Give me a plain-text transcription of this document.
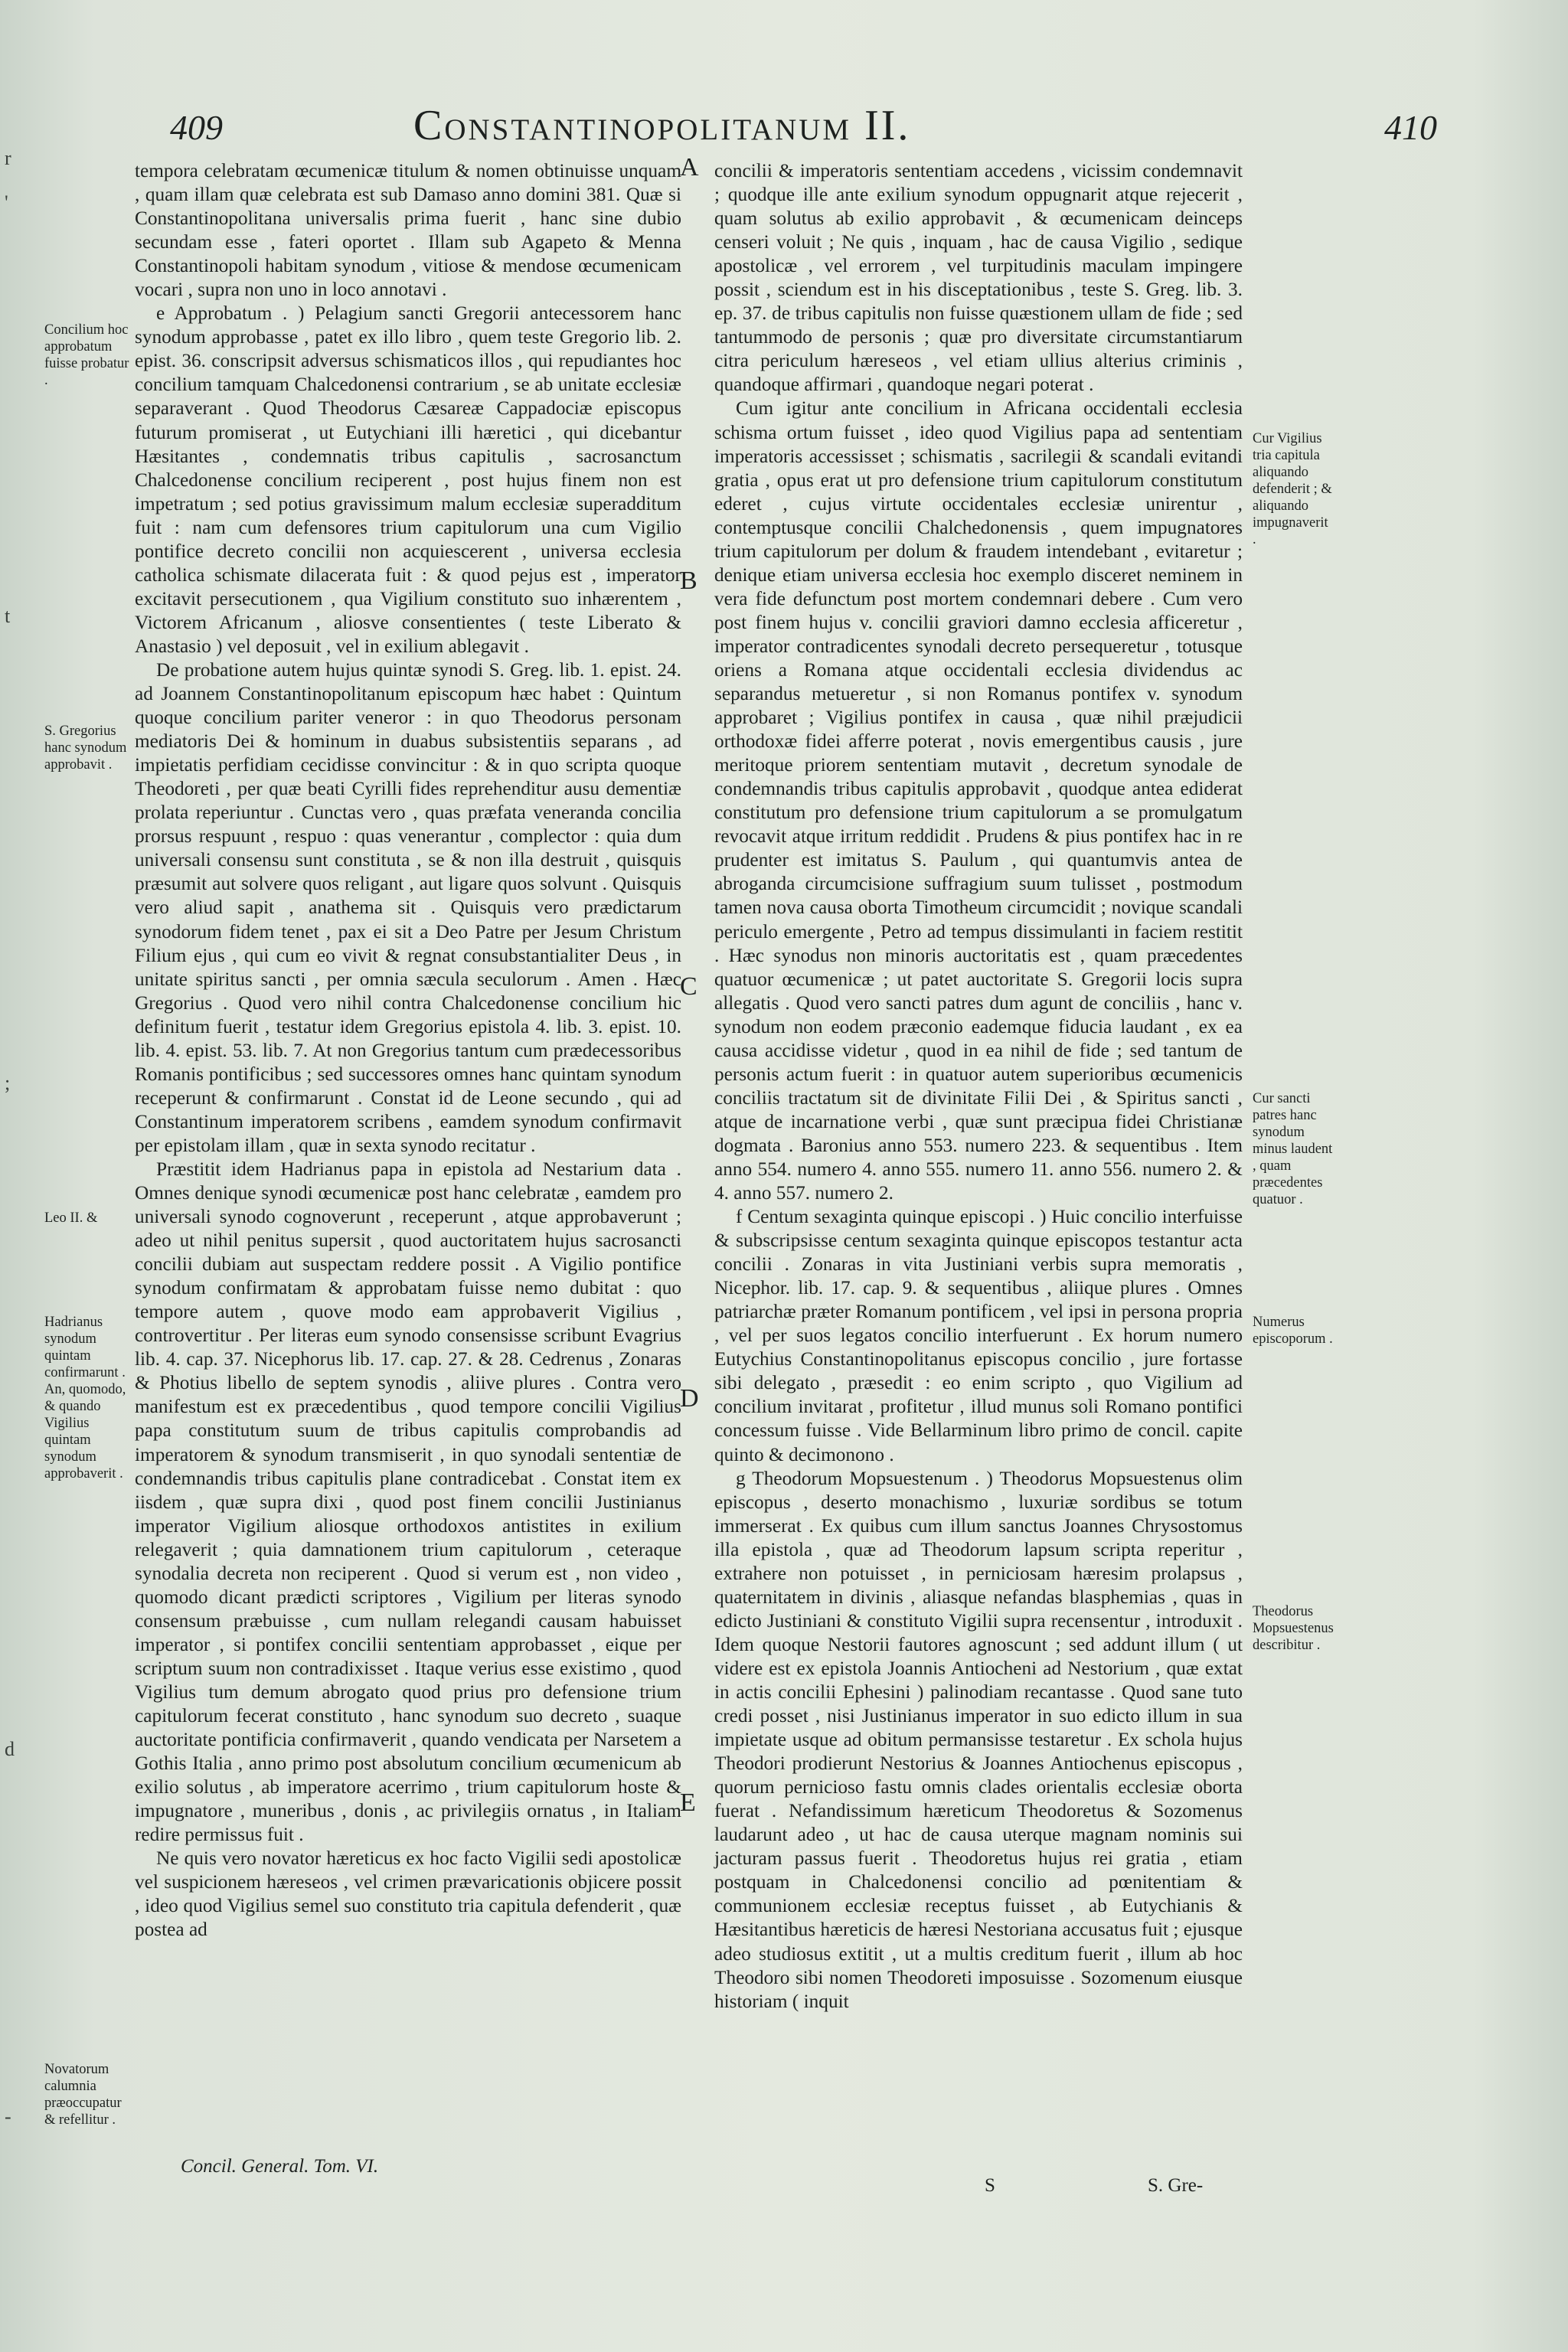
r
'
t
;
d
-
409	Constantinopolitanum II.	410
Concilium hoc approbatum fuisse probatur .
S. Gregorius hanc synodum approbavit .
Leo II. &
Hadrianus synodum quintam confirmarunt . An, quomodo, & quando Vigilius quintam synodum approbaverit .
Novatorum calumnia præoccupatur & refellitur .
A
B
C
D
E

tempora celebratam œcumenicæ titulum & nomen obtinuisse unquam , quam illam quæ celebrata est sub Damaso anno domini 381. Quæ si Constantinopolitana universalis prima fuerit , hanc sine dubio secundam esse , fateri oportet . Illam sub Agapeto & Menna Constantinopoli habitam synodum , vitiose & mendose œcumenicam vocari , supra non uno in loco annotavi .

e Approbatum . ) Pelagium sancti Gregorii antecessorem hanc synodum approbasse , patet ex illo libro , quem teste Gregorio lib. 2. epist. 36. conscripsit adversus schismaticos illos , qui repudiantes hoc concilium tamquam Chalcedonensi contrarium , se ab unitate ecclesiæ separaverant . Quod Theodorus Cæsareæ Cappadociæ episcopus futurum promiserat , ut Eutychiani illi hæretici , qui dicebantur Hæsitantes , condemnatis tribus capitulis , sacrosanctum Chalcedonense concilium reciperent , post hujus finem non est impetratum ; sed potius gravissimum malum ecclesiæ superadditum fuit : nam cum defensores trium capitulorum una cum Vigilio pontifice decreto concilii non acquiescerent , universa ecclesia catholica schismate dilacerata fuit : & quod pejus est , imperator excitavit persecutionem , qua Vigilium constituto suo inhærentem , Victorem Africanum , aliosve consentientes ( teste Liberato & Anastasio ) vel deposuit , vel in exilium ablegavit .

De probatione autem hujus quintæ synodi S. Greg. lib. 1. epist. 24. ad Joannem Constantinopolitanum episcopum hæc habet : Quintum quoque concilium pariter veneror : in quo Theodorus personam mediatoris Dei & hominum in duabus subsistentiis separans , ad impietatis perfidiam cecidisse convincitur : & in quo scripta quoque Theodoreti , per quæ beati Cyrilli fides reprehenditur ausu dementiæ prolata reperiuntur . Cunctas vero , quas præfata veneranda concilia prorsus respuunt , respuo : quas venerantur , complector : quia dum universali consensu sunt constituta , se & non illa destruit , quisquis præsumit aut solvere quos religant , aut ligare quos solvunt . Quisquis vero aliud sapit , anathema sit . Quisquis vero prædictarum synodorum fidem tenet , pax ei sit a Deo Patre per Jesum Christum Filium ejus , qui cum eo vivit & regnat consubstantialiter Deus , in unitate spiritus sancti , per omnia sæcula seculorum . Amen . Hæc Gregorius . Quod vero nihil contra Chalcedonense concilium hic definitum fuerit , testatur idem Gregorius epistola 4. lib. 3. epist. 10. lib. 4. epist. 53. lib. 7. At non Gregorius tantum cum prædecessoribus Romanis pontificibus ; sed successores omnes hanc quintam synodum receperunt & confirmarunt . Constat id de Leone secundo , qui ad Constantinum imperatorem scribens , eamdem synodum confirmavit per epistolam illam , quæ in sexta synodo recitatur .

Præstitit idem Hadrianus papa in epistola ad Nestarium data . Omnes denique synodi œcumenicæ post hanc celebratæ , eamdem pro universali synodo cognoverunt , receperunt , atque approbaverunt ; adeo ut nihil penitus supersit , quod auctoritatem hujus sacrosancti concilii dubiam aut suspectam reddere possit . A Vigilio pontifice synodum confirmatam & approbatam fuisse nemo dubitat : quo tempore autem , quove modo eam approbaverit Vigilius , controvertitur . Per literas eum synodo consensisse scribunt Evagrius lib. 4. cap. 37. Nicephorus lib. 17. cap. 27. & 28. Cedrenus , Zonaras & Photius libello de septem synodis , aliive plures . Contra vero manifestum est ex præcedentibus , quod tempore concilii Vigilius papa constitutum suum de tribus capitulis comprobandis ad imperatorem & synodum transmiserit , in quo synodali sententiæ de condemnandis tribus capitulis plane contradicebat . Constat item ex iisdem , quæ supra dixi , quod post finem concilii Justinianus imperator Vigilium aliosque orthodoxos antistites in exilium relegaverit ; quia damnationem trium capitulorum , ceteraque synodalia decreta non reciperent . Quod si verum est , non video , quomodo dicant prædicti scriptores , Vigilium per literas synodo consensum præbuisse , cum nullam relegandi causam habuisset imperator , si pontifex concilii sententiam approbasset , eique per scriptum suum non contradixisset . Itaque verius esse existimo , quod Vigilius tum demum abrogato quod prius pro defensione trium capitulorum fecerat constituto , hanc synodum suo decreto , suaque auctoritate pontificia confirmaverit , quando vendicata per Narsetem a Gothis Italia , anno primo post absolutum concilium œcumenicum ab exilio solutus , ab imperatore acerrimo , trium capitulorum hoste & impugnatore , muneribus , donis , ac privilegiis ornatus , in Italiam redire permissus fuit .

Ne quis vero novator hæreticus ex hoc facto Vigilii sedi apostolicæ vel suspicionem hæreseos , vel crimen prævaricationis objicere possit , ideo quod Vigilius semel suo constituto tria capitula defenderit , quæ postea ad

concilii & imperatoris sententiam accedens , vicissim condemnavit ; quodque ille ante exilium synodum oppugnarit atque rejecerit , quam solutus ab exilio approbavit , & œcumenicam deinceps censeri voluit ; Ne quis , inquam , hac de causa Vigilio , sedique apostolicæ , vel errorem , vel turpitudinis maculam impingere possit , sciendum est in his disceptationibus , teste S. Greg. lib. 3. ep. 37. de tribus capitulis non fuisse quæstionem ullam de fide ; sed tantummodo de personis ; quæ pro diversitate circumstantiarum citra periculum hæreseos , vel etiam ullius alterius criminis , quandoque affirmari , quandoque negari poterat .

Cum igitur ante concilium in Africana occidentali ecclesia schisma ortum fuisset , ideo quod Vigilius papa ad sententiam imperatoris accessisset ; schismatis , sacrilegii & scandali evitandi gratia , opus erat ut pro defensione trium capitulorum constitutum ederet , cujus virtute occidentales ecclesiæ unirentur , contemptusque concilii Chalchedonensis , quem impugnatores trium capitulorum per dolum & fraudem intendebant , evitaretur ; denique etiam universa ecclesia hoc exemplo disceret neminem in vera fide defunctum post mortem condemnari debere . Cum vero post finem hujus v. concilii graviori damno ecclesia afficeretur , imperator contradicentes synodali decreto persequeretur , totusque oriens a Romana atque occidentali ecclesia dividendus ac separandus metueretur , si non Romanus pontifex v. synodum approbaret ; Vigilius pontifex in causa , quæ nihil præjudicii orthodoxæ fidei afferre poterat , novis emergentibus causis , jure meritoque priorem sententiam mutavit , decretum synodale de condemnandis tribus capitulis approbavit , quodque antea ediderat constitutum pro defensione trium capitulorum a se promulgatum revocavit atque irritum reddidit . Prudens & pius pontifex hac in re prudenter est imitatus S. Paulum , qui quantumvis antea de abroganda circumcisione suffragium suum tulisset , postmodum tamen nova causa oborta Timotheum circumcidit ; novique scandali periculo emergente , Petro ad tempus dissimulanti in faciem restitit . Hæc synodus non minoris auctoritatis est , quam præcedentes quatuor œcumenicæ ; ut patet auctoritate S. Gregorii locis supra allegatis . Quod vero sancti patres dum agunt de conciliis , hanc v. synodum non eodem præconio eademque fiducia laudant , ex ea causa accidisse videtur , quod in ea nihil de fide ; sed tantum de personis actum fuerit : in quatuor autem superioribus œcumenicis conciliis tractatum sit de divinitate Filii Dei , & Spiritus sancti , atque de incarnatione verbi , quæ sunt præcipua fidei Christianæ dogmata . Baronius anno 553. numero 223. & sequentibus . Item anno 554. numero 4. anno 555. numero 11. anno 556. numero 2. & 4. anno 557. numero 2.

f Centum sexaginta quinque episcopi . ) Huic concilio interfuisse & subscripsisse centum sexaginta quinque episcopos testantur acta concilii . Zonaras in vita Justiniani verbis supra memoratis , Nicephor. lib. 17. cap. 9. & sequentibus , aliique plures . Omnes patriarchæ præter Romanum pontificem , vel ipsi in persona propria , vel per suos legatos concilio interfuerunt . Ex horum numero Eutychius Constantinopolitanus episcopus concilio , jure fortasse sibi delegato , præsedit : eo enim scripto , quo Vigilium ad concilium invitarat , profitetur , illud munus soli Romano pontifici concessum fuisse . Vide Bellarminum libro primo de concil. capite quinto & decimonono .

g Theodorum Mopsuestenum . ) Theodorus Mopsuestenus olim episcopus , deserto monachismo , luxuriæ sordibus se totum immerserat . Ex quibus cum illum sanctus Joannes Chrysostomus illa epistola , quæ ad Theodorum lapsum scripta reperitur , extrahere non potuisset , in perniciosam hæresim prolapsus , quaternitatem in divinis , aliasque nefandas blasphemias , quas in edicto Justiniani & constituto Vigilii supra recensentur , introduxit . Idem quoque Nestorii fautores agnoscunt ; sed addunt illum ( ut videre est ex epistola Joannis Antiocheni ad Nestorium , quæ extat in actis concilii Ephesini ) palinodiam recantasse . Quod sane tuto credi posset , nisi Justinianus imperator in suo edicto illum in sua impietate usque ad obitum permansisse testaretur . Ex schola hujus Theodori prodierunt Nestorius & Joannes Antiochenus episcopus , quorum pernicioso fastu omnis clades orientalis ecclesiæ oborta fuerat . Nefandissimum hæreticum Theodoretus & Sozomenus laudarunt adeo , ut hac de causa uterque magnam nominis sui jacturam passus fuerit . Theodoretus hujus rei gratia , etiam postquam in Chalcedonensi concilio ad pœnitentiam & communionem ecclesiæ receptus fuisset , ab Eutychianis & Hæsitantibus hæreticis de hæresi Nestoriana accusatus fuit ; ejusque adeo studiosus extitit , ut a multis creditum fuerit , illum ab hoc Theodoro sibi nomen Theodoreti imposuisse . Sozomenum eiusque historiam ( inquit

Cur Vigilius tria capitula aliquando defenderit ; & aliquando impugnaverit .
Cur sancti patres hanc synodum minus laudent , quam præcedentes quatuor .
Numerus episcoporum .
Theodorus Mopsuestenus describitur .
Concil. General. Tom. VI.
S	S. Gre-
